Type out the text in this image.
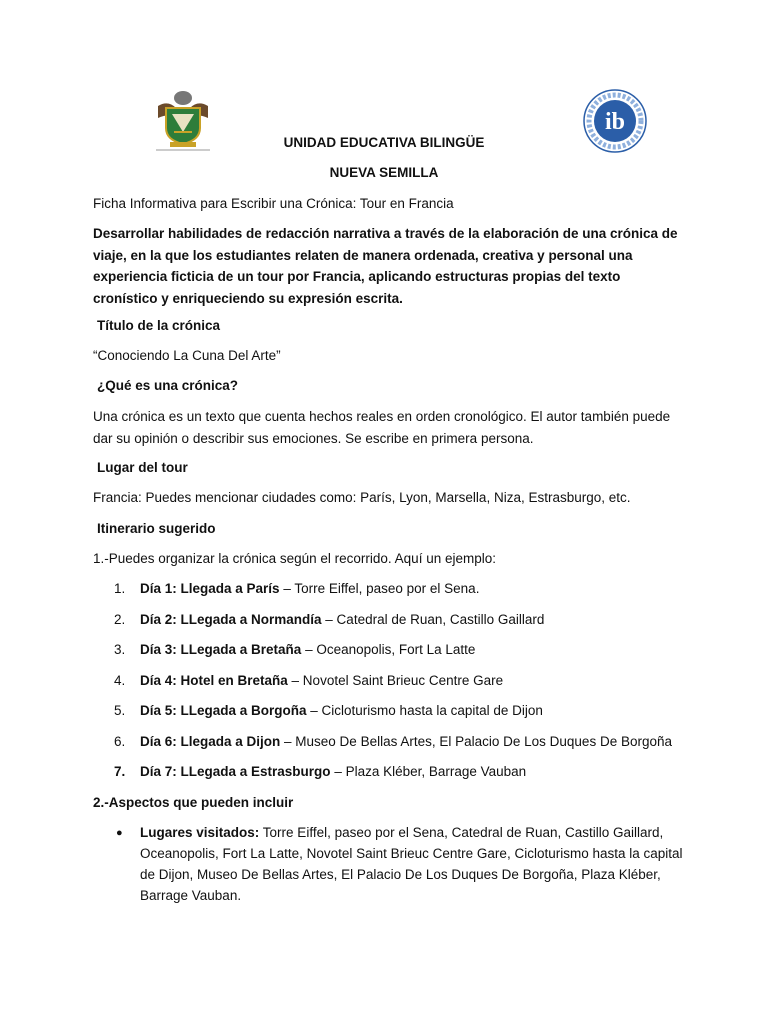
ib
UNIDAD EDUCATIVA BILINGÜE
NUEVA SEMILLA
Ficha Informativa para Escribir una Crónica: Tour en Francia
Desarrollar habilidades de redacción narrativa a través de la elaboración de una crónica de viaje, en la que los estudiantes relaten de manera ordenada, creativa y personal una experiencia ficticia de un tour por Francia, aplicando estructuras propias del texto cronístico y enriqueciendo su expresión escrita.
Título de la crónica
“Conociendo La Cuna Del Arte”
¿Qué es una crónica?
Una crónica es un texto que cuenta hechos reales en orden cronológico. El autor también puede dar su opinión o describir sus emociones. Se escribe en primera persona.
Lugar del tour
Francia: Puedes mencionar ciudades como: París, Lyon, Marsella, Niza, Estrasburgo, etc.
Itinerario sugerido
1.-Puedes organizar la crónica según el recorrido. Aquí un ejemplo:
1. Día 1: Llegada a París – Torre Eiffel, paseo por el Sena.
2. Día 2: LLegada a Normandía – Catedral de Ruan, Castillo Gaillard
3. Día 3: LLegada a Bretaña – Oceanopolis, Fort La Latte
4. Día 4: Hotel en Bretaña – Novotel Saint Brieuc Centre Gare
5. Día 5: LLegada a Borgoña – Cicloturismo hasta la capital de Dijon
6. Día 6: Llegada a Dijon – Museo De Bellas Artes, El Palacio De Los Duques De Borgoña
7. Día 7: LLegada a Estrasburgo – Plaza Kléber, Barrage Vauban
2.-Aspectos que pueden incluir
● Lugares visitados: Torre Eiffel, paseo por el Sena, Catedral de Ruan, Castillo Gaillard, Oceanopolis, Fort La Latte, Novotel Saint Brieuc Centre Gare, Cicloturismo hasta la capital de Dijon, Museo De Bellas Artes, El Palacio De Los Duques De Borgoña, Plaza Kléber, Barrage Vauban.
